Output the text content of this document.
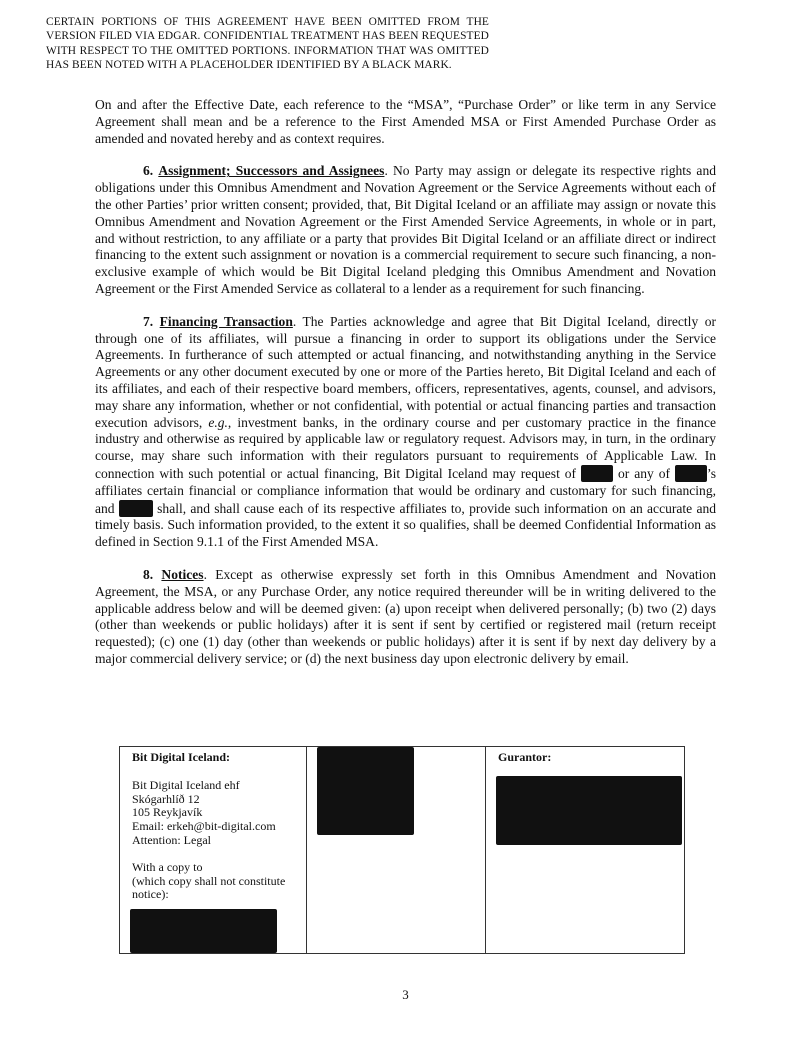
CERTAIN PORTIONS OF THIS AGREEMENT HAVE BEEN OMITTED FROM THE VERSION FILED VIA EDGAR. CONFIDENTIAL TREATMENT HAS BEEN REQUESTED WITH RESPECT TO THE OMITTED PORTIONS. INFORMATION THAT WAS OMITTED HAS BEEN NOTED WITH A PLACEHOLDER IDENTIFIED BY A BLACK MARK.

On and after the Effective Date, each reference to the “MSA”, “Purchase Order” or like term in any Service Agreement shall mean and be a reference to the First Amended MSA or First Amended Purchase Order as amended and novated hereby and as context requires.

6. Assignment; Successors and Assignees. No Party may assign or delegate its respective rights and obligations under this Omnibus Amendment and Novation Agreement or the Service Agreements without each of the other Parties’ prior written consent; provided, that, Bit Digital Iceland or an affiliate may assign or novate this Omnibus Amendment and Novation Agreement or the First Amended Service Agreements, in whole or in part, and without restriction, to any affiliate or a party that provides Bit Digital Iceland or an affiliate direct or indirect financing to the extent such assignment or novation is a commercial requirement to secure such financing, a non-exclusive example of which would be Bit Digital Iceland pledging this Omnibus Amendment and Novation Agreement or the First Amended Service as collateral to a lender as a requirement for such financing.

7. Financing Transaction. The Parties acknowledge and agree that Bit Digital Iceland, directly or through one of its affiliates, will pursue a financing in order to support its obligations under the Service Agreements. In furtherance of such attempted or actual financing, and notwithstanding anything in the Service Agreements or any other document executed by one or more of the Parties hereto, Bit Digital Iceland and each of its affiliates, and each of their respective board members, officers, representatives, agents, counsel, and advisors, may share any information, whether or not confidential, with potential or actual financing parties and transaction execution advisors, e.g., investment banks, in the ordinary course and per customary practice in the finance industry and otherwise as required by applicable law or regulatory request. Advisors may, in turn, in the ordinary course, may share such information with their regulators pursuant to requirements of Applicable Law. In connection with such potential or actual financing, Bit Digital Iceland may request of  or any of ’s affiliates certain financial or compliance information that would be ordinary and customary for such financing, and	shall, and shall cause each of its respective affiliates to, provide such information on an accurate and timely basis. Such information provided, to the extent it so qualifies, shall be deemed Confidential Information as defined in Section 9.1.1 of the First Amended MSA.

8. Notices. Except as otherwise expressly set forth in this Omnibus Amendment and Novation Agreement, the MSA, or any Purchase Order, any notice required thereunder will be in writing delivered to the applicable address below and will be deemed given: (a) upon receipt when delivered personally; (b) two (2) days (other than weekends or public holidays) after it is sent if sent by certified or registered mail (return receipt requested); (c) one (1) day (other than weekends or public holidays) after it is sent if by next day delivery by a major commercial delivery service; or (d) the next business day upon electronic delivery by email.

Bit Digital Iceland:
Bit Digital Iceland ehf
Skógarhlíð 12
105 Reykjavík
Email: erkeh@bit-digital.com
Attention: Legal
With a copy to
(which copy shall not constitute notice):

Gurantor:
3
